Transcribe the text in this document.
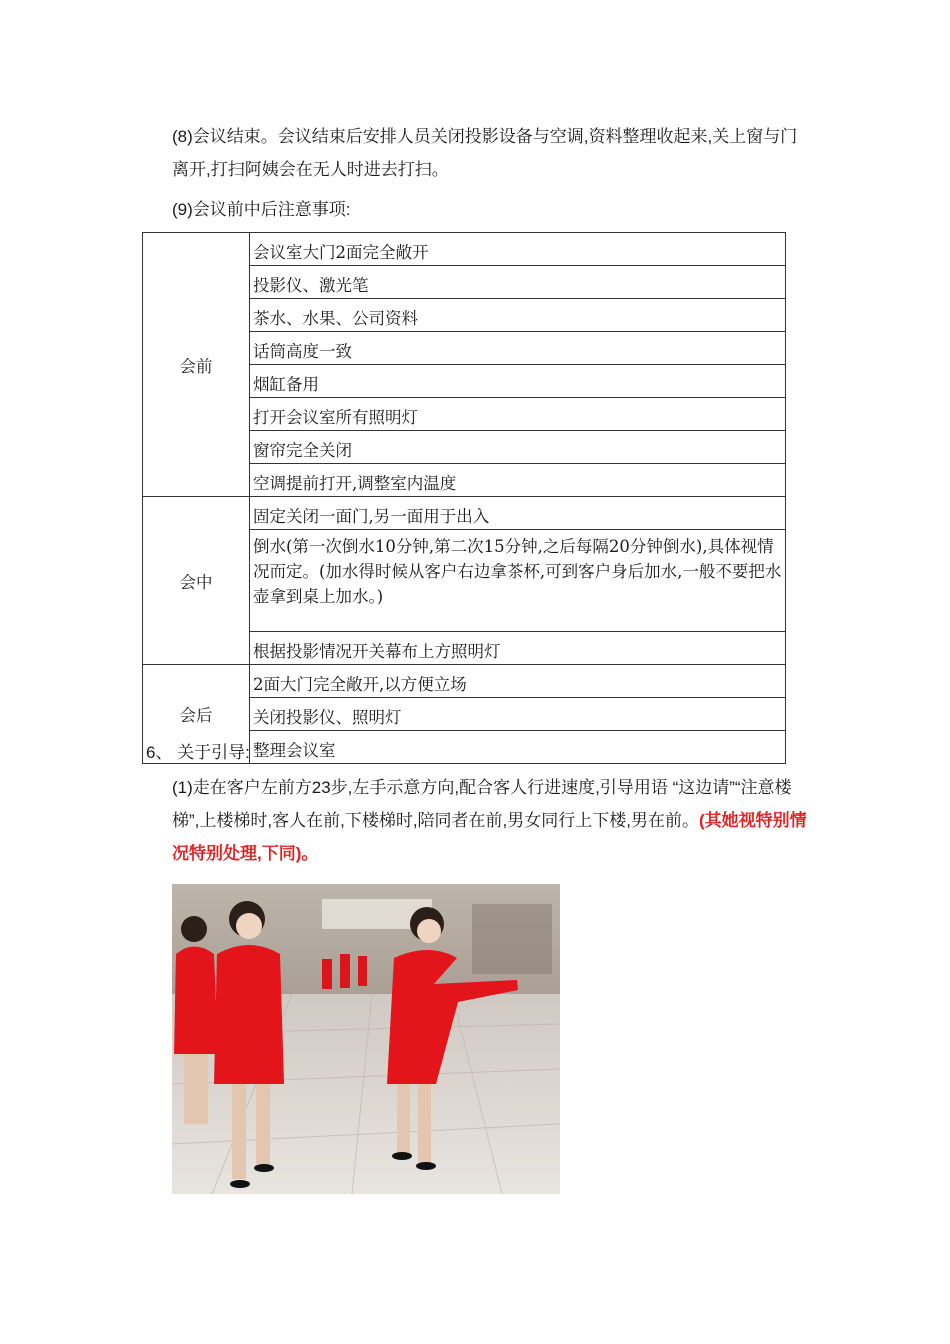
(8)会议结束。会议结束后安排人员关闭投影设备与空调,资料整理收起来,关上窗与门离开,打扫阿姨会在无人时进去打扫。
(9)会议前中后注意事项:
会前	会议室大门2面完全敞开
	投影仪、激光笔
	茶水、水果、公司资料
	话筒高度一致
	烟缸备用
	打开会议室所有照明灯
	窗帘完全关闭
	空调提前打开,调整室内温度
会中	固定关闭一面门,另一面用于出入
	倒水(第一次倒水10分钟,第二次15分钟,之后每隔20分钟倒水),具体视情况而定。(加水得时候从客户右边拿茶杯,可到客户身后加水,一般不要把水壶拿到桌上加水。)
	根据投影情况开关幕布上方照明灯
会后	2面大门完全敞开,以方便立场
	关闭投影仪、照明灯
	整理会议室
6、 关于引导:
(1)走在客户左前方23步,左手示意方向,配合客人行进速度,引导用语 “这边请”“注意楼梯”,上楼梯时,客人在前,下楼梯时,陪同者在前,男女同行上下楼,男在前。(其她视特别情况特别处理,下同)。
